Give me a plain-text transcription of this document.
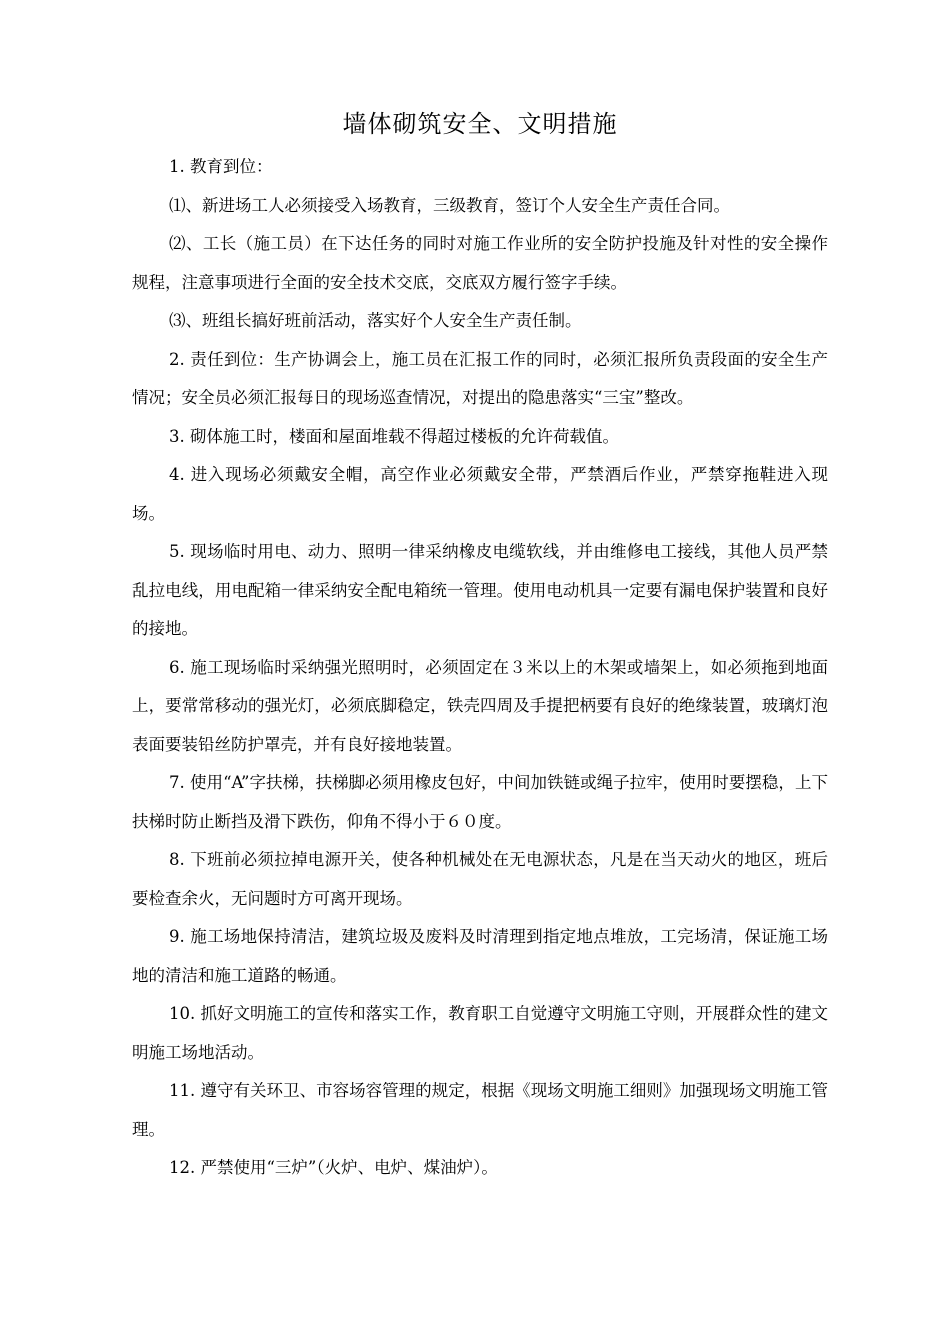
墙体砌筑安全、文明措施

1. 教育到位：

⑴、新进场工人必须接受入场教育，三级教育，签订个人安全生产责任合同。

⑵、工长（施工员）在下达任务的同时对施工作业所的安全防护投施及针对性的安全操作规程，注意事项进行全面的安全技术交底，交底双方履行签字手续。

⑶、班组长搞好班前活动，落实好个人安全生产责任制。

2. 责任到位：生产协调会上，施工员在汇报工作的同时，必须汇报所负责段面的安全生产情况；安全员必须汇报每日的现场巡查情况，对提出的隐患落实“三宝”整改。

3. 砌体施工时，楼面和屋面堆载不得超过楼板的允许荷载值。

4. 进入现场必须戴安全帽，高空作业必须戴安全带，严禁酒后作业，严禁穿拖鞋进入现场。

5. 现场临时用电、动力、照明一律采纳橡皮电缆软线，并由维修电工接线，其他人员严禁乱拉电线，用电配箱一律采纳安全配电箱统一管理。使用电动机具一定要有漏电保护装置和良好的接地。

6. 施工现场临时采纳强光照明时，必须固定在３米以上的木架或墙架上，如必须拖到地面上，要常常移动的强光灯，必须底脚稳定，铁壳四周及手提把柄要有良好的绝缘装置，玻璃灯泡表面要装铅丝防护罩壳，并有良好接地装置。

7. 使用“A”字扶梯，扶梯脚必须用橡皮包好，中间加铁链或绳子拉牢，使用时要摆稳，上下扶梯时防止断挡及滑下跌伤，仰角不得小于６０度。

8. 下班前必须拉掉电源开关，使各种机械处在无电源状态，凡是在当天动火的地区，班后要检查余火，无问题时方可离开现场。

9. 施工场地保持清洁，建筑垃圾及废料及时清理到指定地点堆放，工完场清，保证施工场地的清洁和施工道路的畅通。

10. 抓好文明施工的宣传和落实工作，教育职工自觉遵守文明施工守则，开展群众性的建文明施工场地活动。

11. 遵守有关环卫、市容场容管理的规定，根据《现场文明施工细则》加强现场文明施工管理。

12. 严禁使用“三炉”（火炉、电炉、煤油炉）。
